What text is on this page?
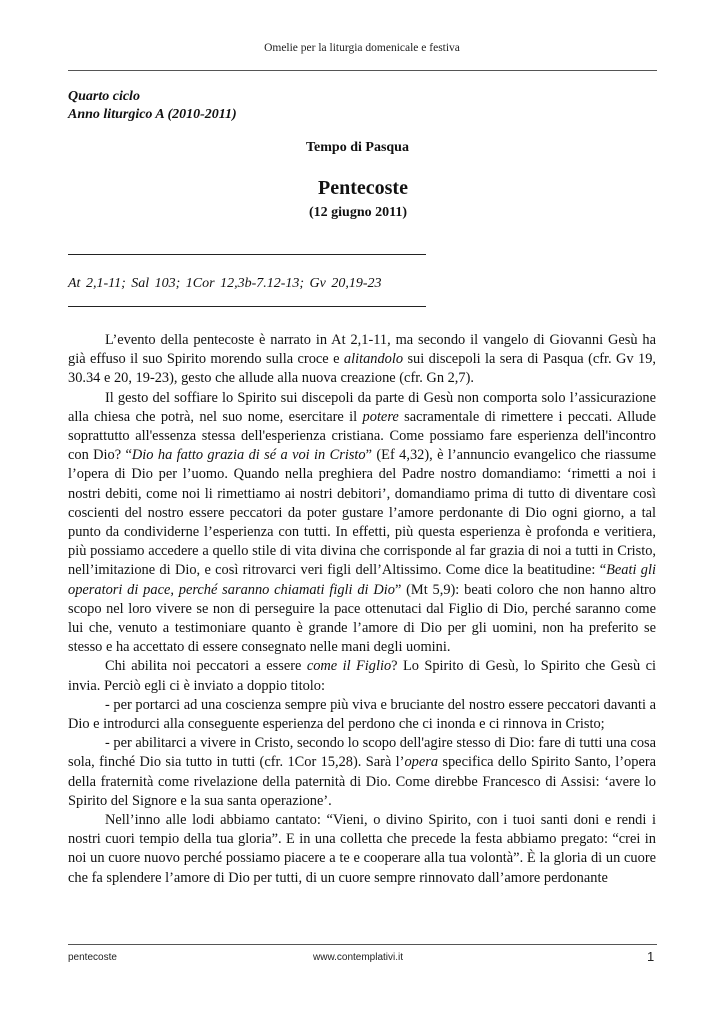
Omelie per la liturgia domenicale e festiva
Quarto ciclo
Anno liturgico A (2010-2011)
Tempo di Pasqua
Pentecoste
(12 giugno 2011)
At 2,1-11; Sal 103; 1Cor 12,3b-7.12-13; Gv 20,19-23

L’evento della pentecoste è narrato in At 2,1-11, ma secondo il vangelo di Giovanni Gesù ha già effuso il suo Spirito morendo sulla croce e alitandolo sui discepoli la sera di Pasqua (cfr. Gv 19, 30.34 e 20, 19-23), gesto che allude alla nuova creazione (cfr. Gn 2,7).

Il gesto del soffiare lo Spirito sui discepoli da parte di Gesù non comporta solo l’assicurazione alla chiesa che potrà, nel suo nome, esercitare il potere sacramentale di rimettere i peccati. Allude soprattutto all'essenza stessa dell'esperienza cristiana. Come possiamo fare esperienza dell'incontro con Dio? “Dio ha fatto grazia di sé a voi in Cristo” (Ef 4,32), è l’annuncio evangelico che riassume l’opera di Dio per l’uomo. Quando nella preghiera del Padre nostro domandiamo: ‘rimetti a noi i nostri debiti, come noi li rimettiamo ai nostri debitori’, domandiamo prima di tutto di diventare così coscienti del nostro essere peccatori da poter gustare l’amore perdonante di Dio ogni giorno, a tal punto da condividerne l’esperienza con tutti. In effetti, più questa esperienza è profonda e veritiera, più possiamo accedere a quello stile di vita divina che corrisponde al far grazia di noi a tutti in Cristo, nell’imitazione di Dio, e così ritrovarci veri figli dell’Altissimo. Come dice la beatitudine: “Beati gli operatori di pace, perché saranno chiamati figli di Dio” (Mt 5,9): beati coloro che non hanno altro scopo nel loro vivere se non di perseguire la pace ottenutaci dal Figlio di Dio, perché saranno come lui che, venuto a testimoniare quanto è grande l’amore di Dio per gli uomini, non ha preferito se stesso e ha accettato di essere consegnato nelle mani degli uomini.

Chi abilita noi peccatori a essere come il Figlio? Lo Spirito di Gesù, lo Spirito che Gesù ci invia. Perciò egli ci è inviato a doppio titolo:

- per portarci ad una coscienza sempre più viva e bruciante del nostro essere peccatori davanti a Dio e introdurci alla conseguente esperienza del perdono che ci inonda e ci rinnova in Cristo;

- per abilitarci a vivere in Cristo, secondo lo scopo dell'agire stesso di Dio: fare di tutti una cosa sola, finché Dio sia tutto in tutti (cfr. 1Cor 15,28). Sarà l’opera specifica dello Spirito Santo, l’opera della fraternità come rivelazione della paternità di Dio. Come direbbe Francesco di Assisi: ‘avere lo Spirito del Signore e la sua santa operazione’.

Nell’inno alle lodi abbiamo cantato: “Vieni, o divino Spirito, con i tuoi santi doni e rendi i nostri cuori tempio della tua gloria”. E in una colletta che precede la festa abbiamo pregato: “crei in noi un cuore nuovo perché possiamo piacere a te e cooperare alla tua volontà”. È la gloria di un cuore che fa splendere l’amore di Dio per tutti, di un cuore sempre rinnovato dall’amore perdonante

pentecoste	www.contemplativi.it	1
